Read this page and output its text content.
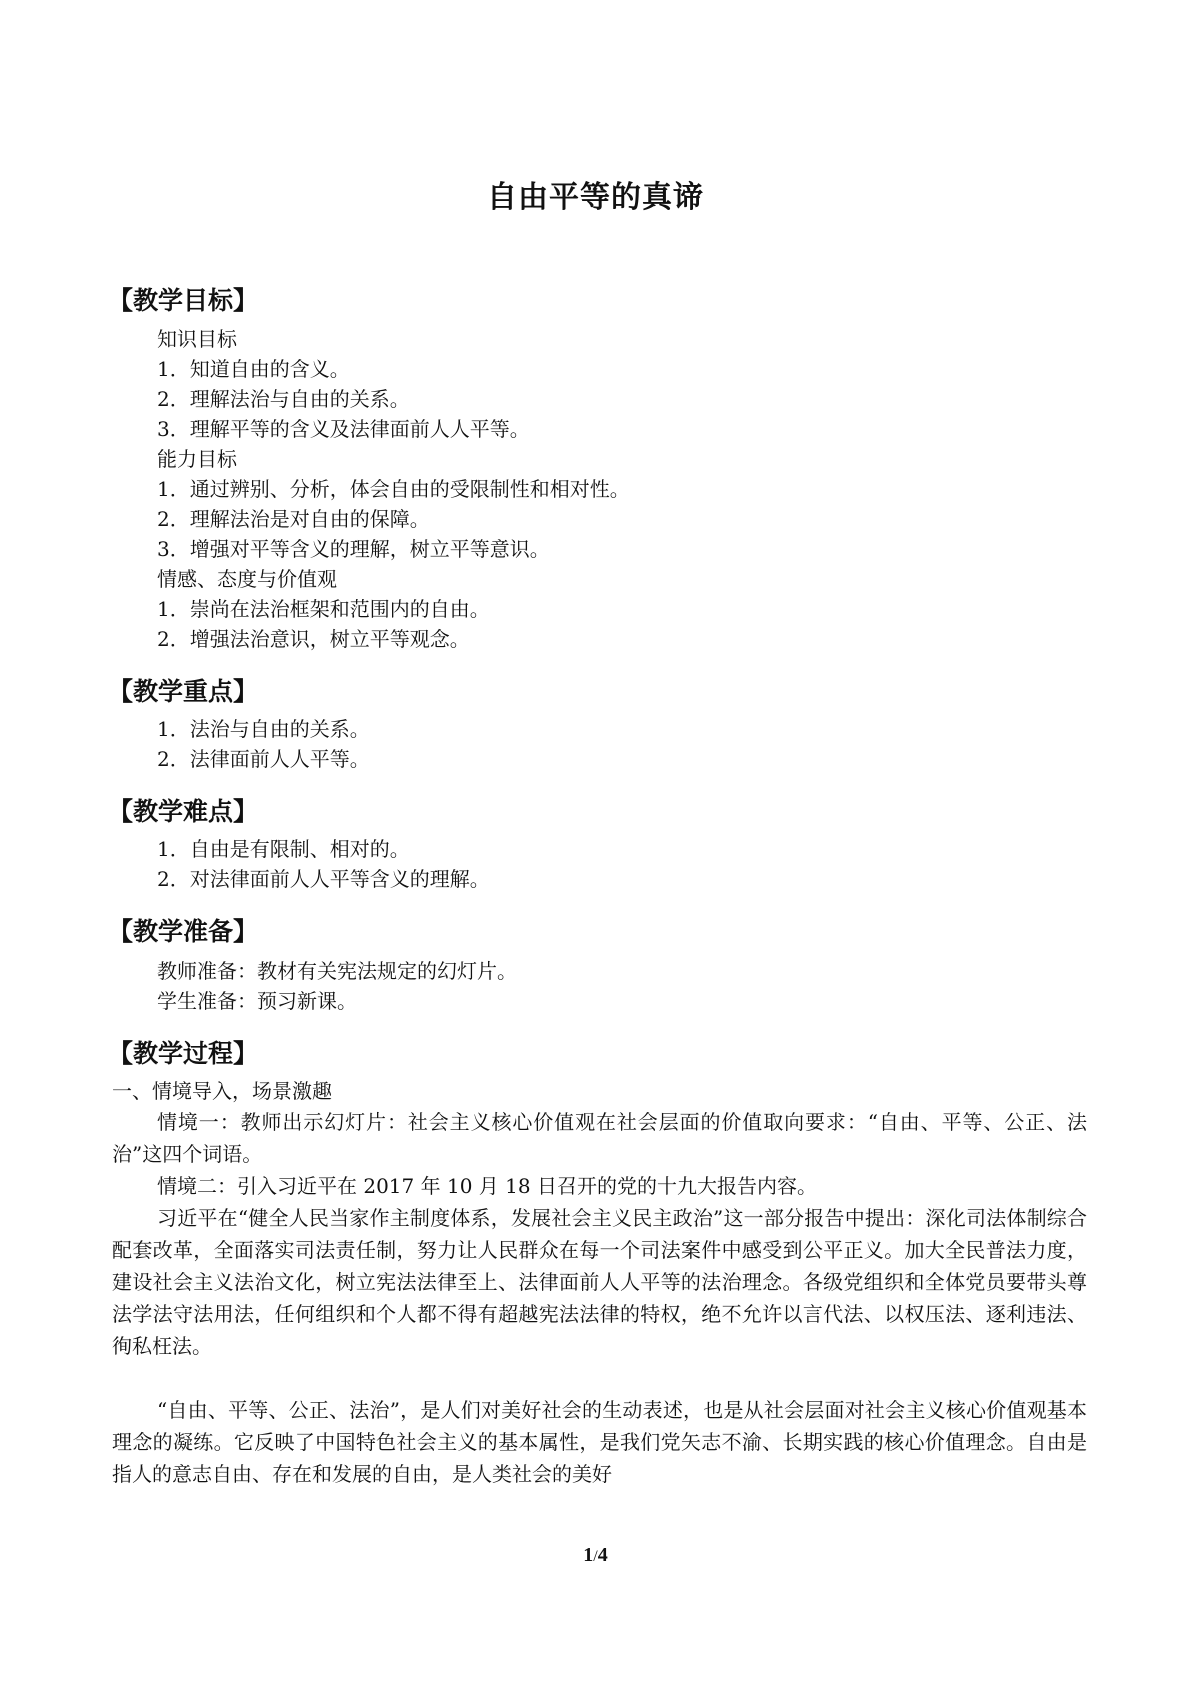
自由平等的真谛
【教学目标】
知识目标
1．知道自由的含义。
2．理解法治与自由的关系。
3．理解平等的含义及法律面前人人平等。
能力目标
1．通过辨别、分析，体会自由的受限制性和相对性。
2．理解法治是对自由的保障。
3．增强对平等含义的理解，树立平等意识。
情感、态度与价值观
1．崇尚在法治框架和范围内的自由。
2．增强法治意识，树立平等观念。
【教学重点】
1．法治与自由的关系。
2．法律面前人人平等。
【教学难点】
1．自由是有限制、相对的。
2．对法律面前人人平等含义的理解。
【教学准备】
教师准备：教材有关宪法规定的幻灯片。
学生准备：预习新课。
【教学过程】
一、情境导入，场景激趣
情境一：教师出示幻灯片：社会主义核心价值观在社会层面的价值取向要求：“自由、平等、公正、法治”这四个词语。
情境二：引入习近平在 2017 年 10 月 18 日召开的党的十九大报告内容。
习近平在“健全人民当家作主制度体系，发展社会主义民主政治”这一部分报告中提出：深化司法体制综合配套改革，全面落实司法责任制，努力让人民群众在每一个司法案件中感受到公平正义。加大全民普法力度，建设社会主义法治文化，树立宪法法律至上、法律面前人人平等的法治理念。各级党组织和全体党员要带头尊法学法守法用法，任何组织和个人都不得有超越宪法法律的特权，绝不允许以言代法、以权压法、逐利违法、徇私枉法。
“自由、平等、公正、法治”，是人们对美好社会的生动表述，也是从社会层面对社会主义核心价值观基本理念的凝练。它反映了中国特色社会主义的基本属性，是我们党矢志不渝、长期实践的核心价值理念。自由是指人的意志自由、存在和发展的自由，是人类社会的美好
1/4
